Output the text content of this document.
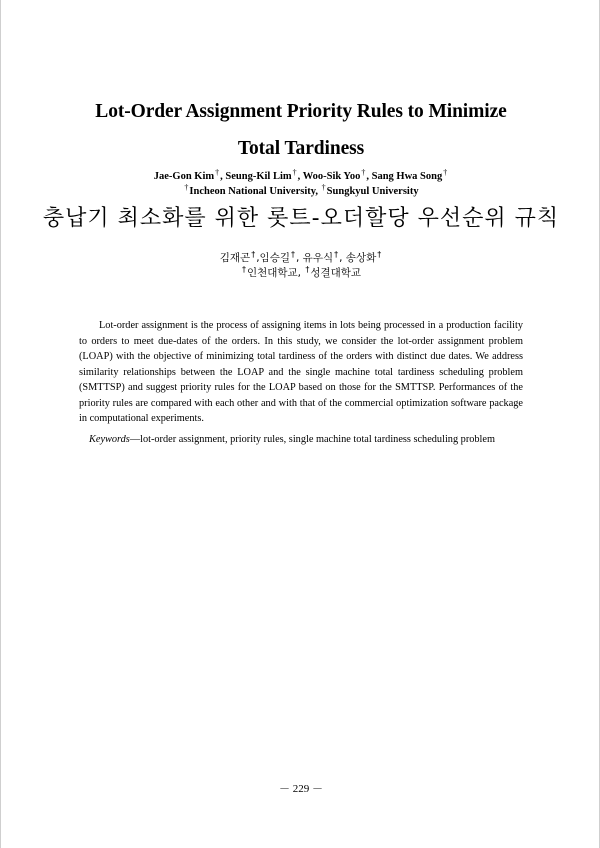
Lot-Order Assignment Priority Rules to Minimize
Total Tardiness
Jae-Gon Kim†, Seung-Kil Lim†, Woo-Sik Yoo†, Sang Hwa Song†
†Incheon National University, †Sungkyul University
충납기 최소화를 위한 롯트-오더할당 우선순위 규칙
김재곤†,임승길†, 유우식†, 송상화†
†인천대학교, †성결대학교
Lot-order assignment is the process of assigning items in lots being processed in a production facility to orders to meet due-dates of the orders. In this study, we consider the lot-order assignment problem (LOAP) with the objective of minimizing total tardiness of the orders with distinct due dates. We address similarity relationships between the LOAP and the single machine total tardiness scheduling problem (SMTTSP) and suggest priority rules for the LOAP based on those for the SMTTSP. Performances of the priority rules are compared with each other and with that of the commercial optimization software package in computational experiments.
Keywords—lot-order assignment, priority rules, single machine total tardiness scheduling problem
－ 229 －
